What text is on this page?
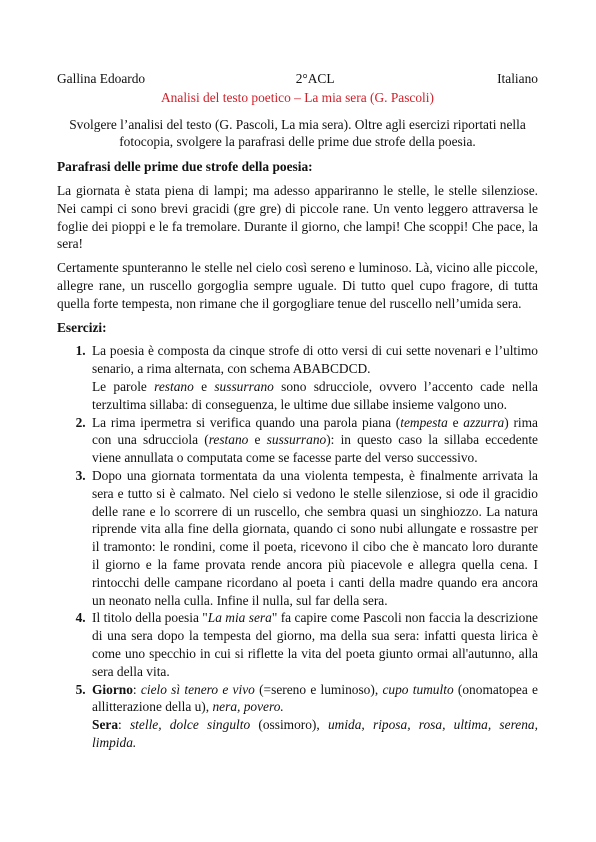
Gallina Edoardo	2°ACL	Italiano
Analisi del testo poetico – La mia sera (G. Pascoli)

Svolgere l’analisi del testo (G. Pascoli, La mia sera). Oltre agli esercizi riportati nella fotocopia, svolgere la parafrasi delle prime due strofe della poesia.

Parafrasi delle prime due strofe della poesia:

La giornata è stata piena di lampi; ma adesso appariranno le stelle, le stelle silenziose. Nei campi ci sono brevi gracidi (gre gre) di piccole rane. Un vento leggero attraversa le foglie dei pioppi e le fa tremolare. Durante il giorno, che lampi! Che scoppi! Che pace, la sera!

Certamente spunteranno le stelle nel cielo così sereno e luminoso. Là, vicino alle piccole, allegre rane, un ruscello gorgoglia sempre uguale. Di tutto quel cupo fragore, di tutta quella forte tempesta, non rimane che il gorgogliare tenue del ruscello nell’umida sera.

Esercizi:
1. La poesia è composta da cinque strofe di otto versi di cui sette novenari e l’ultimo senario, a rima alternata, con schema ABABCDCD.
Le parole restano e sussurrano sono sdrucciole, ovvero l’accento cade nella terzultima sillaba: di conseguenza, le ultime due sillabe insieme valgono uno.
2. La rima ipermetra si verifica quando una parola piana (tempesta e azzurra) rima con una sdrucciola (restano e sussurrano): in questo caso la sillaba eccedente viene annullata o computata come se facesse parte del verso successivo.
3. Dopo una giornata tormentata da una violenta tempesta, è finalmente arrivata la sera e tutto si è calmato. Nel cielo si vedono le stelle silenziose, si ode il gracidio delle rane e lo scorrere di un ruscello, che sembra quasi un singhiozzo. La natura riprende vita alla fine della giornata, quando ci sono nubi allungate e rossastre per il tramonto: le rondini, come il poeta, ricevono il cibo che è mancato loro durante il giorno e la fame provata rende ancora più piacevole e allegra quella cena. I rintocchi delle campane ricordano al poeta i canti della madre quando era ancora un neonato nella culla. Infine il nulla, sul far della sera.
4. Il titolo della poesia "La mia sera" fa capire come Pascoli non faccia la descrizione di una sera dopo la tempesta del giorno, ma della sua sera: infatti questa lirica è come uno specchio in cui si riflette la vita del poeta giunto ormai all'autunno, alla sera della vita.
5. Giorno: cielo sì tenero e vivo (=sereno e luminoso), cupo tumulto (onomatopea e allitterazione della u), nera, povero.
Sera: stelle, dolce singulto (ossimoro), umida, riposa, rosa, ultima, serena, limpida.
